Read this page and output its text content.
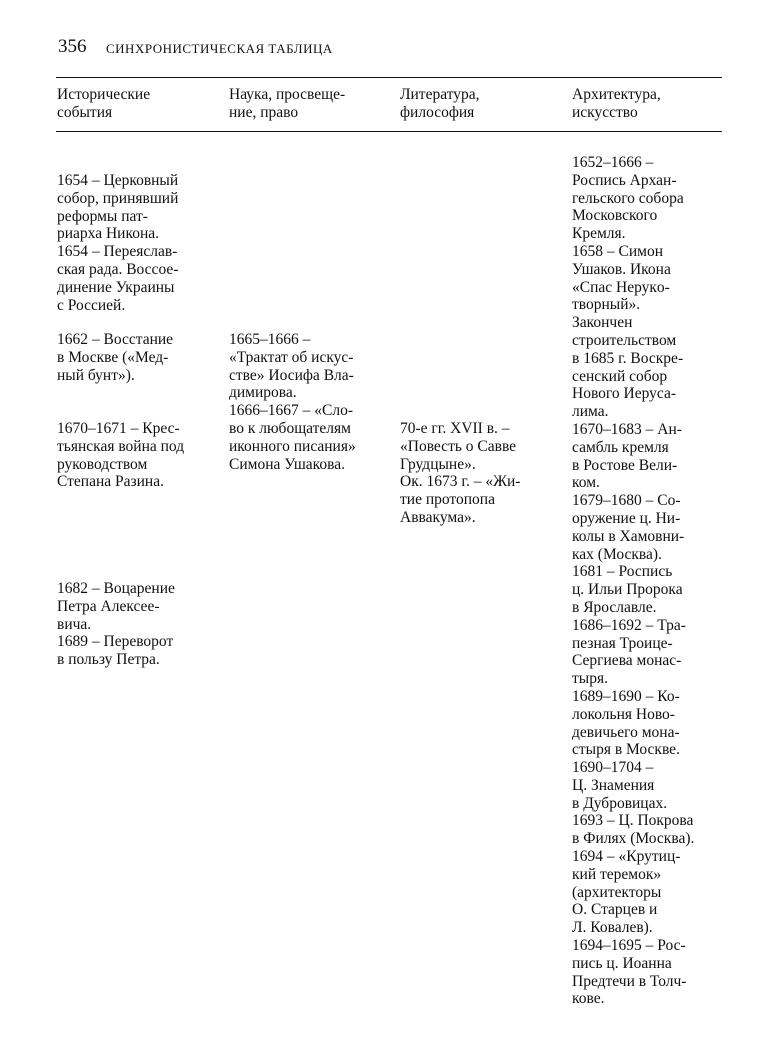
356 СИНХРОНИСТИЧЕСКАЯ ТАБЛИЦА
Исторические
события
Наука, просвеще-
ние, право
Литература,
философия
Архитектура,
искусство
1654 – Церковный
собор, принявший
реформы пат-
риарха Никона.
1654 – Переяслав-
ская рада. Воссое-
динение Украины
с Россией.
1662 – Восстание
в Москве («Мед-
ный бунт»).
1670–1671 – Крес-
тьянская война под
руководством
Степана Разина.
1682 – Воцарение
Петра Алексее-
вича.
1689 – Переворот
в пользу Петра.
1665–1666 –
«Трактат об искус-
стве» Иосифа Вла-
димирова.
1666–1667 – «Сло-
во к любощателям
иконного писания»
Симона Ушакова.
70-е гг. XVII в. –
«Повесть о Савве
Грудцыне».
Ок. 1673 г. – «Жи-
тие протопопа
Аввакума».
1652–1666 –
Роспись Архан-
гельского собора
Московского
Кремля.
1658 – Симон
Ушаков. Икона
«Спас Нерукo-
творный».
Закончен
строительством
в 1685 г. Воскре-
сенский собор
Нового Иеруса-
лима.
1670–1683 – Ан-
самбль кремля
в Ростове Вели-
ком.
1679–1680 – Со-
оружение ц. Ни-
колы в Хамовни-
ках (Москва).
1681 – Роспись
ц. Ильи Пророка
в Ярославле.
1686–1692 – Тра-
пезная Троице-
Сергиева монас-
тыря.
1689–1690 – Ко-
локольня Ново-
девичьего мона-
стыря в Москве.
1690–1704 –
Ц. Знамения
в Дубровицах.
1693 – Ц. Покрова
в Филях (Москва).
1694 – «Крутиц-
кий теремок»
(архитекторы
О. Старцев и
Л. Ковалев).
1694–1695 – Рос-
пись ц. Иоанна
Предтечи в Толч-
кове.
